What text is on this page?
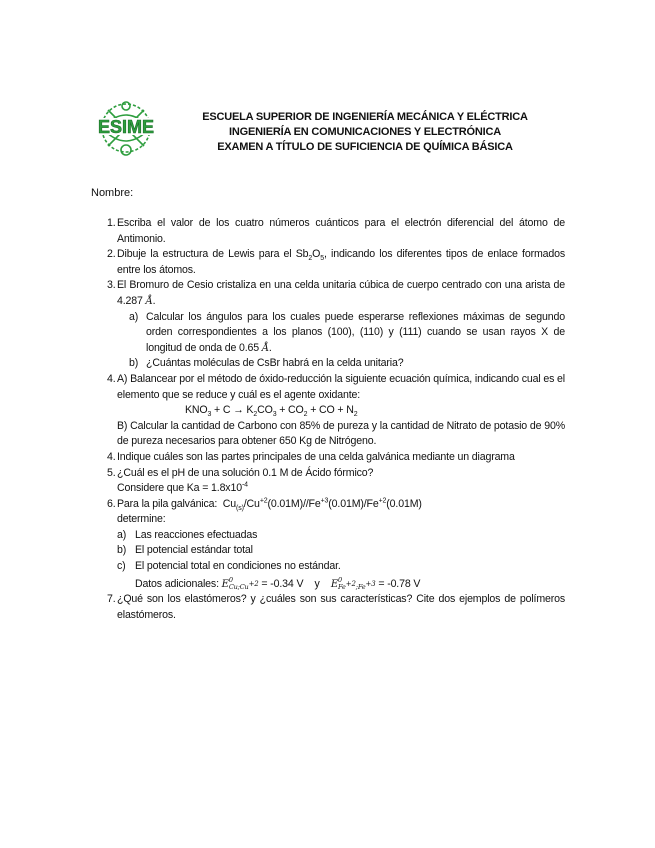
ESIME	ESCUELA SUPERIOR DE INGENIERÍA MECÁNICA Y ELÉCTRICA
INGENIERÍA EN COMUNICACIONES Y ELECTRÓNICA
EXAMEN A TÍTULO DE SUFICIENCIA DE QUÍMICA BÁSICA
Nombre:
1. Escriba el valor de los cuatro números cuánticos para el electrón diferencial del átomo de Antimonio.
2. Dibuje la estructura de Lewis para el $Sb_2O_5$, indicando los diferentes tipos de enlace formados entre los átomos.
3. El Bromuro de Cesio cristaliza en una celda unitaria cúbica de cuerpo centrado con una arista de 4.287 Å.
a) Calcular los ángulos para los cuales puede esperarse reflexiones máximas de segundo orden correspondientes a los planos (100), (110) y (111) cuando se usan rayos X de longitud de onda de 0.65 Å.
b) ¿Cuántas moléculas de CsBr habrá en la celda unitaria?
4. A) Balancear por el método de óxido-reducción la siguiente ecuación química, indicando cual es el elemento que se reduce y cuál es el agente oxidante:
$KNO_3 + C \to K_2CO_3 + CO_2$ + CO + $N_2$
B) Calcular la cantidad de Carbono con 85% de pureza y la cantidad de Nitrato de potasio de 90% de pureza necesarios para obtener 650 Kg de Nitrógeno.
4. Indique cuáles son las partes principales de una celda galvánica mediante un diagrama
5. ¿Cuál es el pH de una solución 0.1 M de Ácido fórmico?
Considere que $Ka = 1.8x10^{-4}$
6. Para la pila galvánica: $Cu_{(s)}/Cu^{+2}(0.01M)//Fe^{+3}(0.01M)/Fe^{+2}(0.01M)$
determine:
a) Las reacciones efectuadas
b) El potencial estándar total
c) El potencial total en condiciones no estándar.
Datos adicionales: E 0
$Cu;Cu^{+2} = -0.34$ V y E 0
$Fe^{+2};Fe^{+3} = -0.78$ V
7. ¿Qué son los elastómeros? y ¿cuáles son sus características? Cite dos ejemplos de polímeros elastómeros.
